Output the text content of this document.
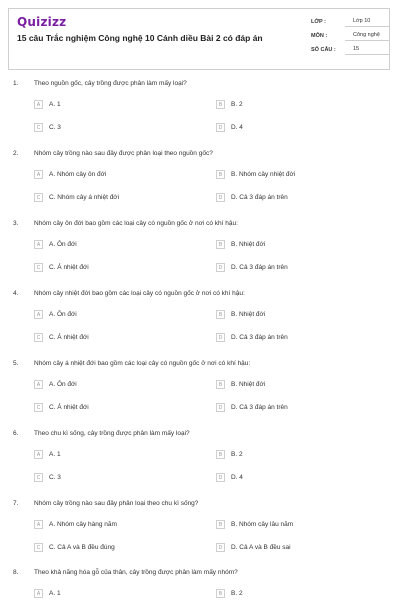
Quizizz
15 câu Trắc nghiệm Công nghệ 10 Cánh diều Bài 2 có đáp án
LỚP :	Lớp 10
MÔN :	Công nghệ
SỐ CÂU :	15
1. Theo nguồn gốc, cây trồng được phân làm mấy loại?
A	A. 1	B	B. 2
C	C. 3	D	D. 4
2. Nhóm cây trồng nào sau đây được phân loại theo nguồn gốc?
A	A. Nhóm cây ôn đới	B	B. Nhóm cây nhiệt đới
C	C. Nhóm cây á nhiệt đới	D	D. Cả 3 đáp án trên
3. Nhóm cây ôn đới bao gồm các loại cây có nguồn gốc ở nơi có khí hậu:
A	A. Ôn đới	B	B. Nhiệt đới
C	C. Á nhiệt đới	D	D. Cả 3 đáp án trên
4. Nhóm cây nhiệt đới bao gồm các loại cây có nguồn gốc ở nơi có khí hậu:
A	A. Ôn đới	B	B. Nhiệt đới
C	C. Á nhiệt đới	D	D. Cả 3 đáp án trên
5. Nhóm cây á nhiệt đới bao gồm các loại cây có nguồn gốc ở nơi có khí hậu:
A	A. Ôn đới	B	B. Nhiệt đới
C	C. Á nhiệt đới	D	D. Cả 3 đáp án trên
6. Theo chu kì sống, cây trồng được phân làm mấy loại?
A	A. 1	B	B. 2
C	C. 3	D	D. 4
7. Nhóm cây trồng nào sau đây phân loại theo chu kì sống?
A	A. Nhóm cây hàng năm	B	B. Nhóm cây lâu năm
C	C. Cả A và B đều đúng	D	D. Cả A và B đều sai
8. Theo khả năng hóa gỗ của thân, cây trồng được phân làm mấy nhóm?
A	A. 1	B	B. 2
